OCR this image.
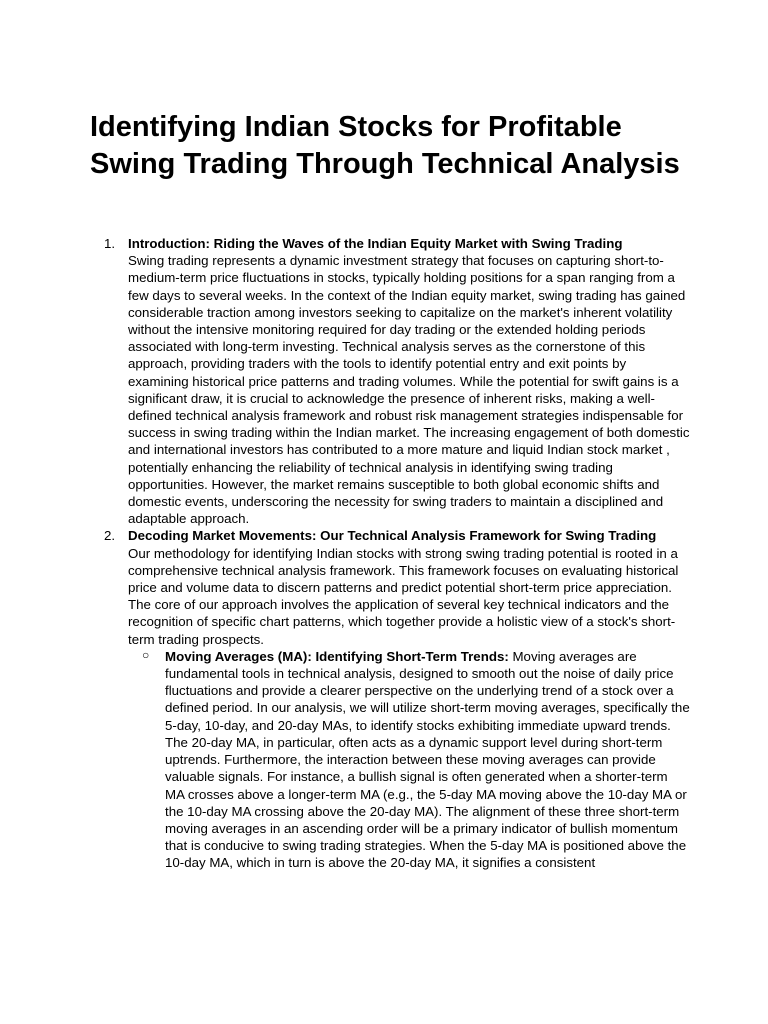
Identifying Indian Stocks for Profitable Swing Trading Through Technical Analysis
1. Introduction: Riding the Waves of the Indian Equity Market with Swing Trading
Swing trading represents a dynamic investment strategy that focuses on capturing short-to-medium-term price fluctuations in stocks, typically holding positions for a span ranging from a few days to several weeks. In the context of the Indian equity market, swing trading has gained considerable traction among investors seeking to capitalize on the market's inherent volatility without the intensive monitoring required for day trading or the extended holding periods associated with long-term investing. Technical analysis serves as the cornerstone of this approach, providing traders with the tools to identify potential entry and exit points by examining historical price patterns and trading volumes. While the potential for swift gains is a significant draw, it is crucial to acknowledge the presence of inherent risks, making a well-defined technical analysis framework and robust risk management strategies indispensable for success in swing trading within the Indian market. The increasing engagement of both domestic and international investors has contributed to a more mature and liquid Indian stock market , potentially enhancing the reliability of technical analysis in identifying swing trading opportunities. However, the market remains susceptible to both global economic shifts and domestic events, underscoring the necessity for swing traders to maintain a disciplined and adaptable approach.
2. Decoding Market Movements: Our Technical Analysis Framework for Swing Trading
Our methodology for identifying Indian stocks with strong swing trading potential is rooted in a comprehensive technical analysis framework. This framework focuses on evaluating historical price and volume data to discern patterns and predict potential short-term price appreciation. The core of our approach involves the application of several key technical indicators and the recognition of specific chart patterns, which together provide a holistic view of a stock's short-term trading prospects.
○ Moving Averages (MA): Identifying Short-Term Trends: Moving averages are fundamental tools in technical analysis, designed to smooth out the noise of daily price fluctuations and provide a clearer perspective on the underlying trend of a stock over a defined period. In our analysis, we will utilize short-term moving averages, specifically the 5-day, 10-day, and 20-day MAs, to identify stocks exhibiting immediate upward trends. The 20-day MA, in particular, often acts as a dynamic support level during short-term uptrends. Furthermore, the interaction between these moving averages can provide valuable signals. For instance, a bullish signal is often generated when a shorter-term MA crosses above a longer-term MA (e.g., the 5-day MA moving above the 10-day MA or the 10-day MA crossing above the 20-day MA). The alignment of these three short-term moving averages in an ascending order will be a primary indicator of bullish momentum that is conducive to swing trading strategies. When the 5-day MA is positioned above the 10-day MA, which in turn is above the 20-day MA, it signifies a consistent
